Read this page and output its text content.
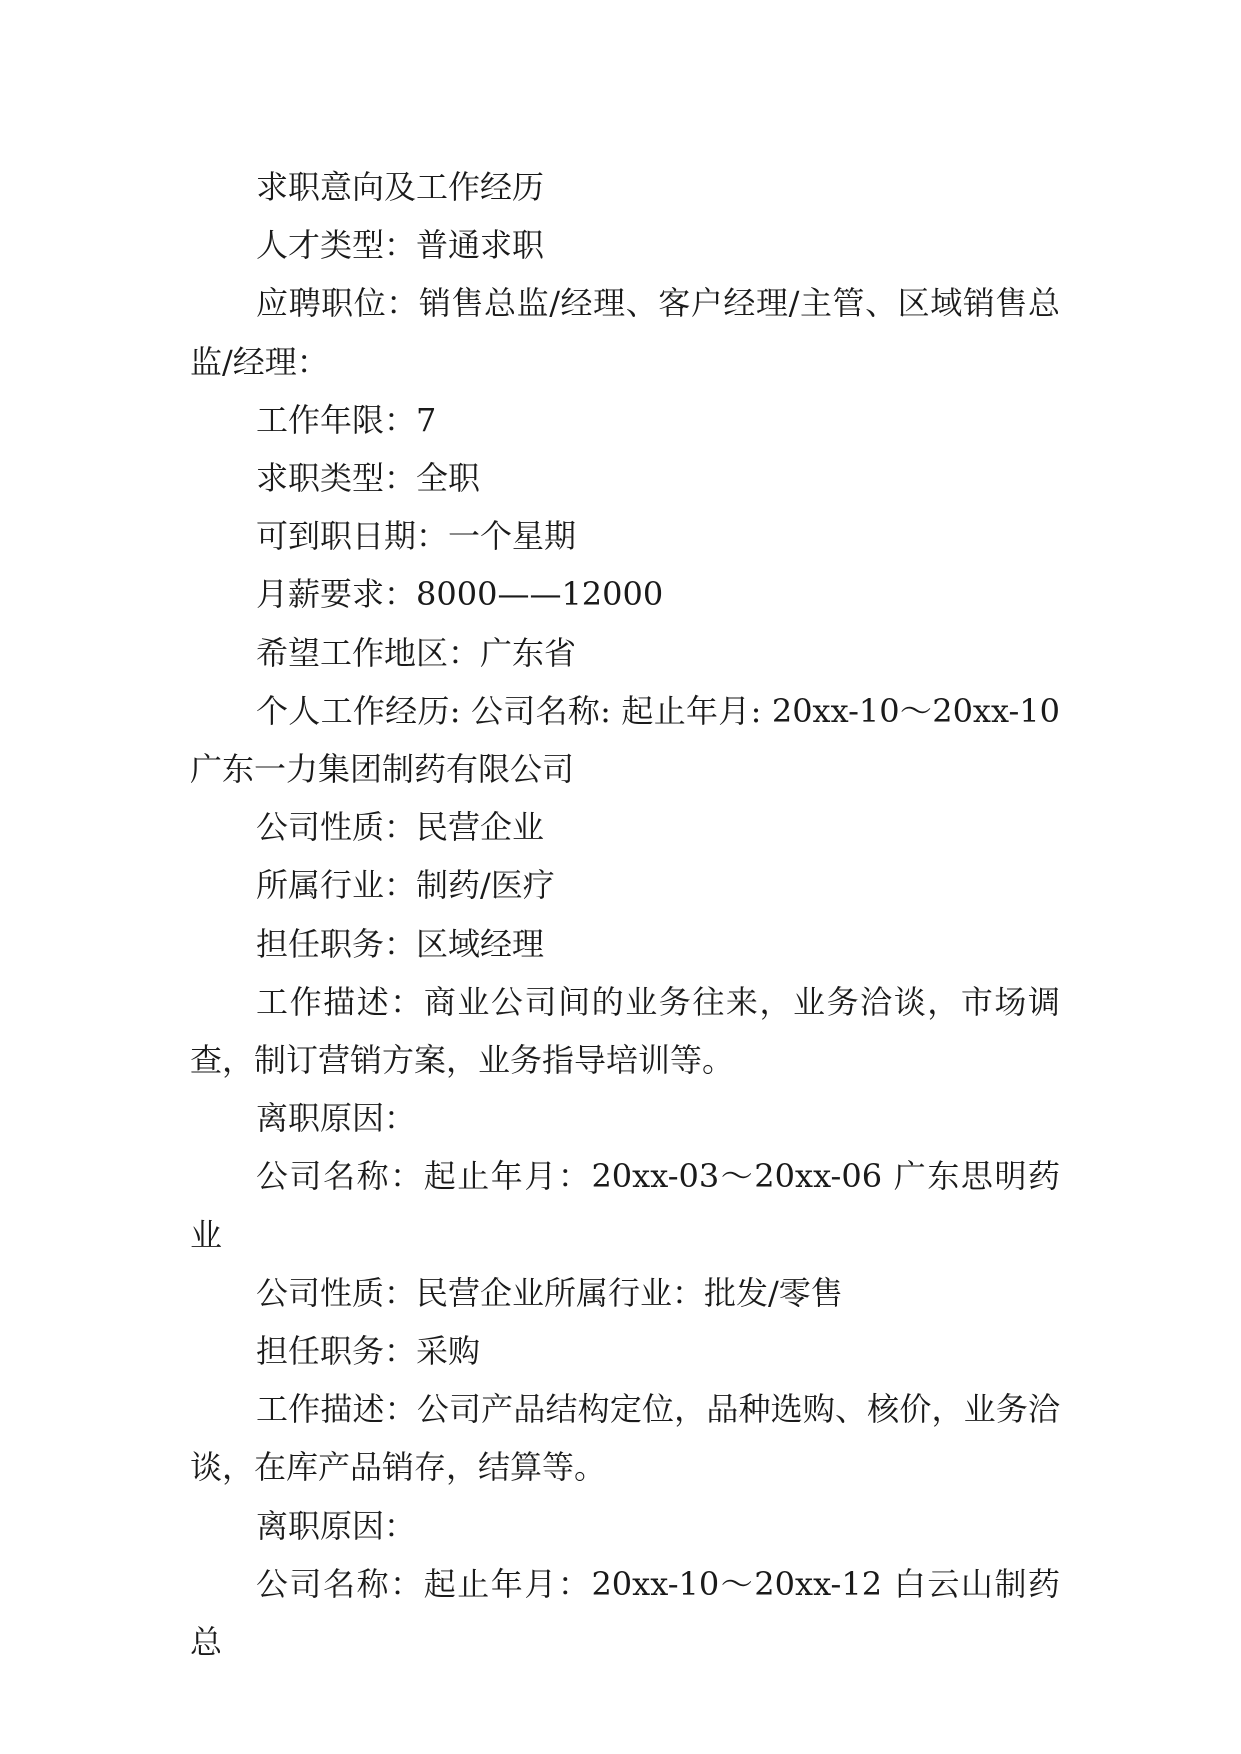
求职意向及工作经历

人才类型：普通求职

应聘职位：销售总监/经理、客户经理/主管、区域销售总监/经理：

工作年限：7

求职类型：全职

可到职日期：一个星期

月薪要求：8000——12000

希望工作地区：广东省

个人工作经历: 公司名称: 起止年月: 20xx-10～20xx-10 广东一力集团制药有限公司

公司性质：民营企业

所属行业：制药/医疗

担任职务：区域经理

工作描述：商业公司间的业务往来，业务洽谈，市场调查，制订营销方案，业务指导培训等。

离职原因：

公司名称：起止年月：20xx-03～20xx-06 广东思明药业

公司性质：民营企业所属行业：批发/零售

担任职务：采购

工作描述：公司产品结构定位，品种选购、核价，业务洽谈，在库产品销存，结算等。

离职原因：

公司名称：起止年月：20xx-10～20xx-12 白云山制药总
